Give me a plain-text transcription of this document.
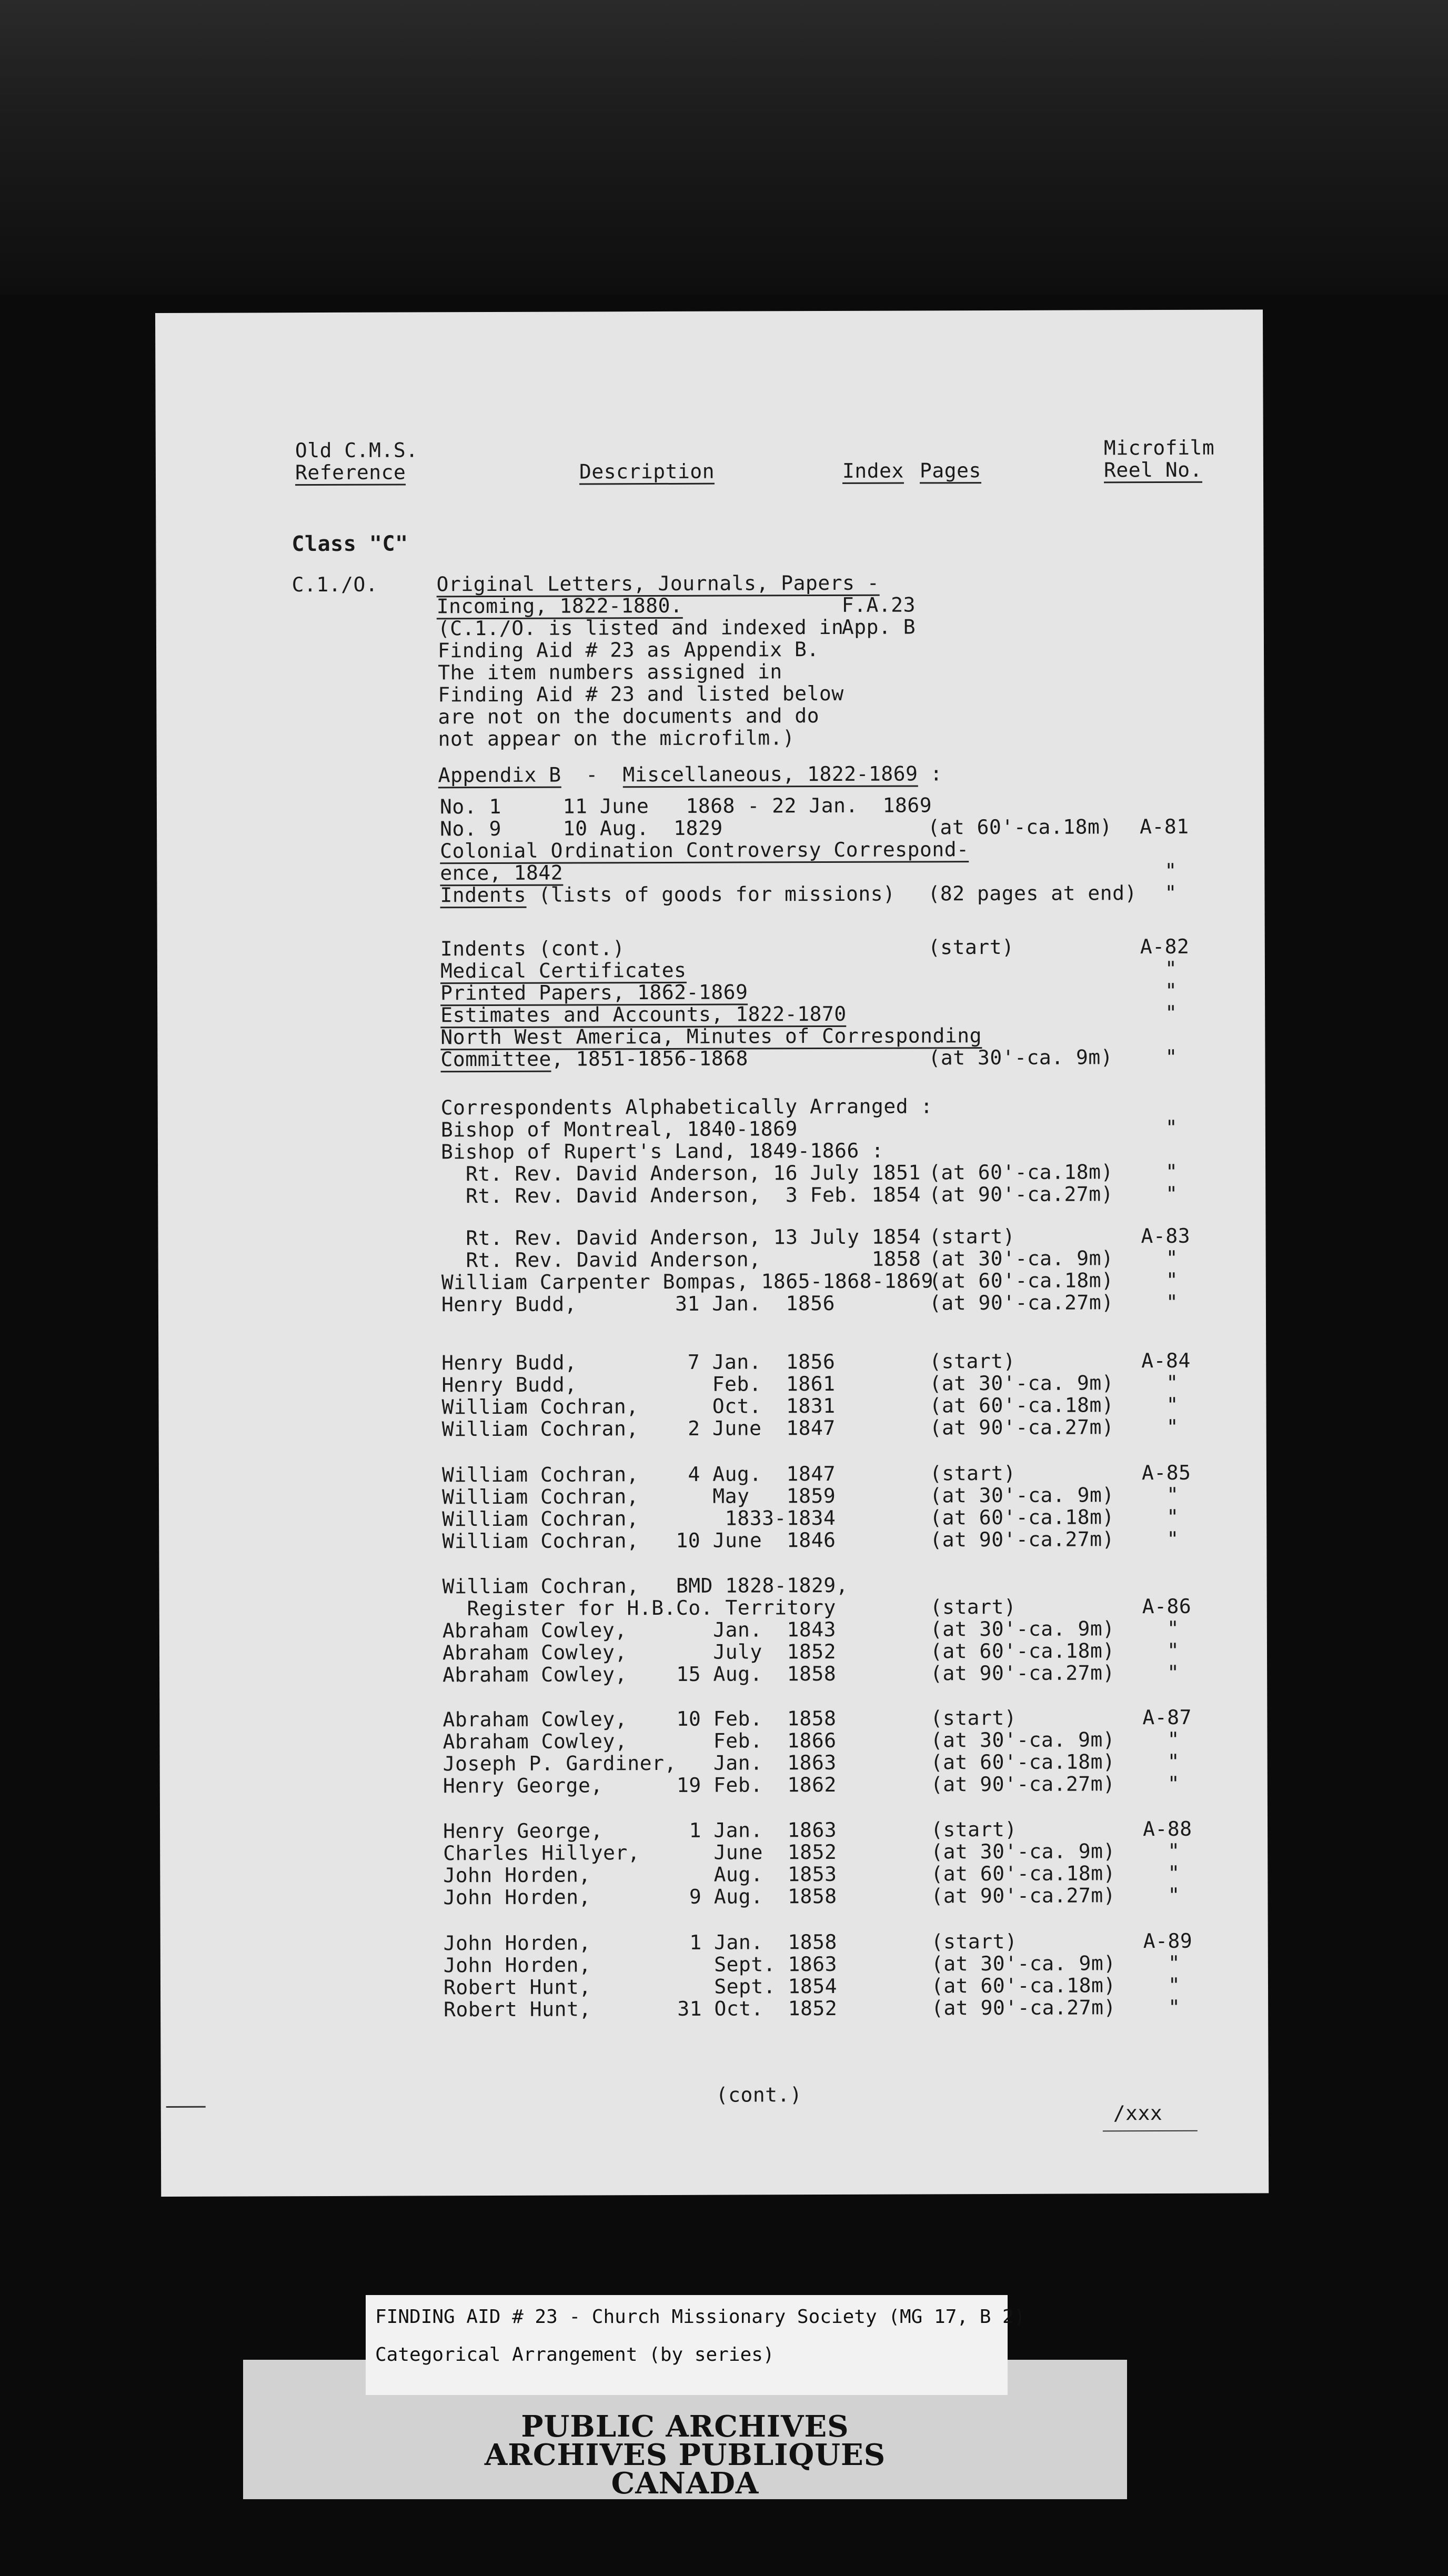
Old C.M.S.
Reference	Description	Index Pages
Microfilm
Reel No.
Class "C"
C.1./O.	Original Letters, Journals, Papers -
Incoming, 1822-1880.	F.A.23
App. B
(C.1./O. is listed and indexed in
Finding Aid # 23 as Appendix B.
The item numbers assigned in
Finding Aid # 23 and listed below
are not on the documents and do
not appear on the microfilm.)
Appendix B  -  Miscellaneous, 1822-1869 :
No. 1     11 June   1868 - 22 Jan.  1869
No. 9     10 Aug.  1829	(at 60'-ca.18m) A-81
Colonial Ordination Controversy Correspond-
ence, 1842	"
Indents (lists of goods for missions) (82 pages at end) "
Indents (cont.)	(start)	A-82
Medical Certificates	"
Printed Papers, 1862-1869	"
Estimates and Accounts, 1822-1870	"
North West America, Minutes of Corresponding
Committee, 1851-1856-1868	(at 30'-ca. 9m)	"
Correspondents Alphabetically Arranged :
Bishop of Montreal, 1840-1869	"
Bishop of Rupert's Land, 1849-1866 :
Rt. Rev. David Anderson, 16 July 1851 (at 60'-ca.18m)	"
Rt. Rev. David Anderson,  3 Feb. 1854 (at 90'-ca.27m)	"
Rt. Rev. David Anderson, 13 July 1854 (start)	A-83
Rt. Rev. David Anderson,         1858 (at 30'-ca. 9m)	"
William Carpenter Bompas, 1865-1868-1869
(at 60'-ca.18m)	"
Henry Budd,        31 Jan.  1856	(at 90'-ca.27m)	"
Henry Budd,         7 Jan.  1856	(start)	A-84
Henry Budd,           Feb.  1861	(at 30'-ca. 9m)	"
William Cochran,      Oct.  1831	(at 60'-ca.18m)	"
William Cochran,    2 June  1847	(at 90'-ca.27m)	"
William Cochran,    4 Aug.  1847	(start)	A-85
William Cochran,      May   1859	(at 30'-ca. 9m)	"
William Cochran,       1833-1834	(at 60'-ca.18m)	"
William Cochran,   10 June  1846	(at 90'-ca.27m)	"
William Cochran,   BMD 1828-1829,
Register for H.B.Co. Territory	(start)	A-86
Abraham Cowley,       Jan.  1843	(at 30'-ca. 9m)	"
Abraham Cowley,       July  1852	(at 60'-ca.18m)	"
Abraham Cowley,    15 Aug.  1858	(at 90'-ca.27m)	"
Abraham Cowley,    10 Feb.  1858	(start)	A-87
Abraham Cowley,       Feb.  1866	(at 30'-ca. 9m)	"
Joseph P. Gardiner,   Jan.  1863	(at 60'-ca.18m)	"
Henry George,      19 Feb.  1862	(at 90'-ca.27m)	"
Henry George,       1 Jan.  1863	(start)	A-88
Charles Hillyer,      June  1852	(at 30'-ca. 9m)	"
John Horden,          Aug.  1853	(at 60'-ca.18m)	"
John Horden,        9 Aug.  1858	(at 90'-ca.27m)	"
John Horden,        1 Jan.  1858	(start)	A-89
John Horden,          Sept. 1863	(at 30'-ca. 9m)	"
Robert Hunt,          Sept. 1854	(at 60'-ca.18m)	"
Robert Hunt,       31 Oct.  1852	(at 90'-ca.27m)	"
(cont.)
/xxx
FINDING AID # 23 - Church Missionary Society (MG 17, B 2)
Categorical Arrangement (by series)
PUBLIC ARCHIVES
ARCHIVES PUBLIQUES
CANADA
